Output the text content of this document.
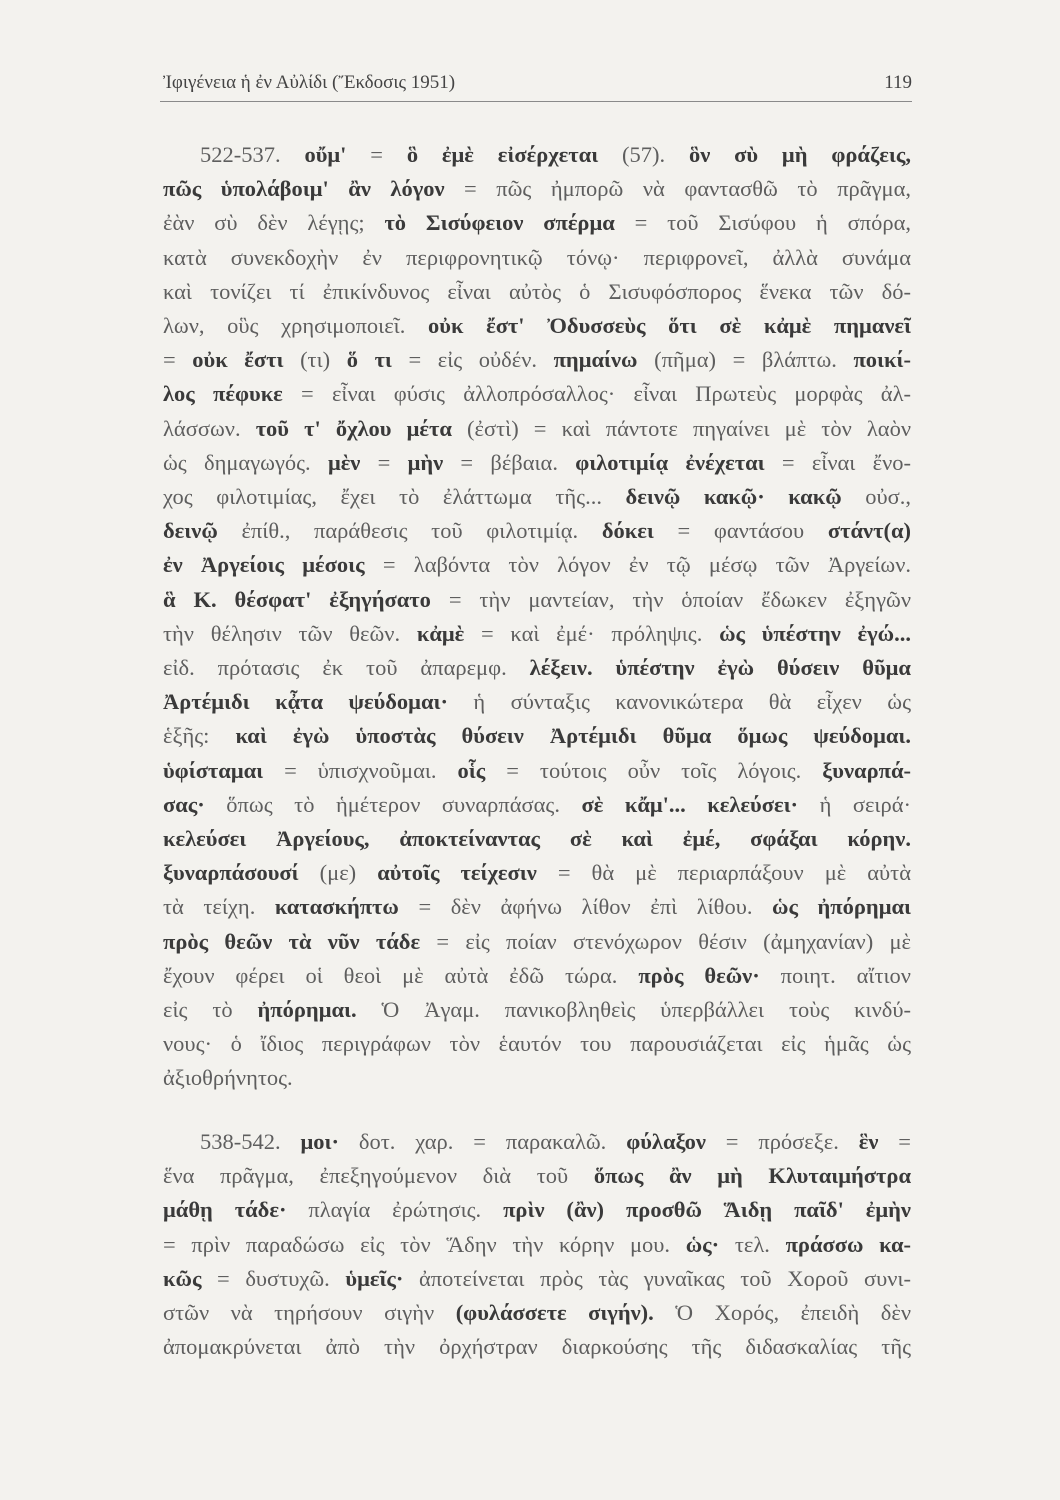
Ἰφιγένεια ἡ ἐν Αὐλίδι (Ἔκδοσις 1951)	119
522-537. οὔμ' = ὃ ἐμὲ εἰσέρχεται (57). ὃν σὺ μὴ φράζεις,
πῶς ὑπολάβοιμ' ἂν λόγον = πῶς ἠμπορῶ νὰ φαντασθῶ τὸ πρᾶγμα,
ἐὰν σὺ δὲν λέγῃς; τὸ Σισύφειον σπέρμα = τοῦ Σισύφου ἡ σπόρα,
κατὰ συνεκδοχὴν ἐν περιφρονητικῷ τόνῳ· περιφρονεῖ, ἀλλὰ συνάμα
καὶ τονίζει τί ἐπικίνδυνος εἶναι αὐτὸς ὁ Σισυφόσπορος ἕνεκα τῶν δό-
λων, οὓς χρησιμοποιεῖ. οὐκ ἔστ' Ὀδυσσεὺς ὅτι σὲ κἀμὲ πημανεῖ
= οὐκ ἔστι (τι) ὅ τι = εἰς οὐδέν. πημαίνω (πῆμα) = βλάπτω. ποικί-
λος πέφυκε = εἶναι φύσις ἀλλοπρόσαλλος· εἶναι Πρωτεὺς μορφὰς ἀλ-
λάσσων. τοῦ τ' ὄχλου μέτα (ἐστὶ) = καὶ πάντοτε πηγαίνει μὲ τὸν λαὸν
ὡς δημαγωγός. μὲν = μὴν = βέβαια. φιλοτιμίᾳ ἐνέχεται = εἶναι ἔνο-
χος φιλοτιμίας, ἔχει τὸ ἐλάττωμα τῆς... δεινῷ κακῷ· κακῷ οὐσ.,
δεινῷ ἐπίθ., παράθεσις τοῦ φιλοτιμίᾳ. δόκει = φαντάσου στάντ(α)
ἐν Ἀργείοις μέσοις = λαβόντα τὸν λόγον ἐν τῷ μέσῳ τῶν Ἀργείων.
ἃ Κ. θέσφατ' ἐξηγήσατο = τὴν μαντείαν, τὴν ὁποίαν ἔδωκεν ἐξηγῶν
τὴν θέλησιν τῶν θεῶν. κἀμὲ = καὶ ἐμέ· πρόληψις. ὡς ὑπέστην ἐγώ...
εἰδ. πρότασις ἐκ τοῦ ἀπαρεμφ. λέξειν. ὑπέστην ἐγὼ θύσειν θῦμα
Ἀρτέμιδι κᾆτα ψεύδομαι· ἡ σύνταξις κανονικώτερα θὰ εἶχεν ὡς
ἑξῆς: καὶ ἐγὼ ὑποστὰς θύσειν Ἀρτέμιδι θῦμα ὅμως ψεύδομαι.
ὑφίσταμαι = ὑπισχνοῦμαι. οἷς = τούτοις οὖν τοῖς λόγοις. ξυναρπά-
σας· ὅπως τὸ ἡμέτερον συναρπάσας. σὲ κἄμ'... κελεύσει· ἡ σειρά·
κελεύσει Ἀργείους, ἀποκτείναντας σὲ καὶ ἐμέ, σφάξαι κόρην.
ξυναρπάσουσί (με) αὐτοῖς τείχεσιν = θὰ μὲ περιαρπάξουν μὲ αὐτὰ
τὰ τείχη. κατασκήπτω = δὲν ἀφήνω λίθον ἐπὶ λίθου. ὡς ἠπόρημαι
πρὸς θεῶν τὰ νῦν τάδε = εἰς ποίαν στενόχωρον θέσιν (ἀμηχανίαν) μὲ
ἔχουν φέρει οἱ θεοὶ μὲ αὐτὰ ἐδῶ τώρα. πρὸς θεῶν· ποιητ. αἴτιον
εἰς τὸ ἠπόρημαι. Ὁ Ἀγαμ. πανικοβληθεὶς ὑπερβάλλει τοὺς κινδύ-
νους· ὁ ἴδιος περιγράφων τὸν ἑαυτόν του παρουσιάζεται εἰς ἡμᾶς ὡς
ἀξιοθρήνητος.
538-542. μοι· δοτ. χαρ. = παρακαλῶ. φύλαξον = πρόσεξε. ἓν =
ἕνα πρᾶγμα, ἐπεξηγούμενον διὰ τοῦ ὅπως ἂν μὴ Κλυταιμήστρα
μάθῃ τάδε· πλαγία ἐρώτησις. πρὶν (ἂν) προσθῶ Ἅιδῃ παῖδ' ἐμὴν
= πρὶν παραδώσω εἰς τὸν Ἅδην τὴν κόρην μου. ὡς· τελ. πράσσω κα-
κῶς = δυστυχῶ. ὑμεῖς· ἀποτείνεται πρὸς τὰς γυναῖκας τοῦ Χοροῦ συνι-
στῶν νὰ τηρήσουν σιγὴν (φυλάσσετε σιγήν). Ὁ Χορός, ἐπειδὴ δὲν
ἀπομακρύνεται ἀπὸ τὴν ὀρχήστραν διαρκούσης τῆς διδασκαλίας τῆς
